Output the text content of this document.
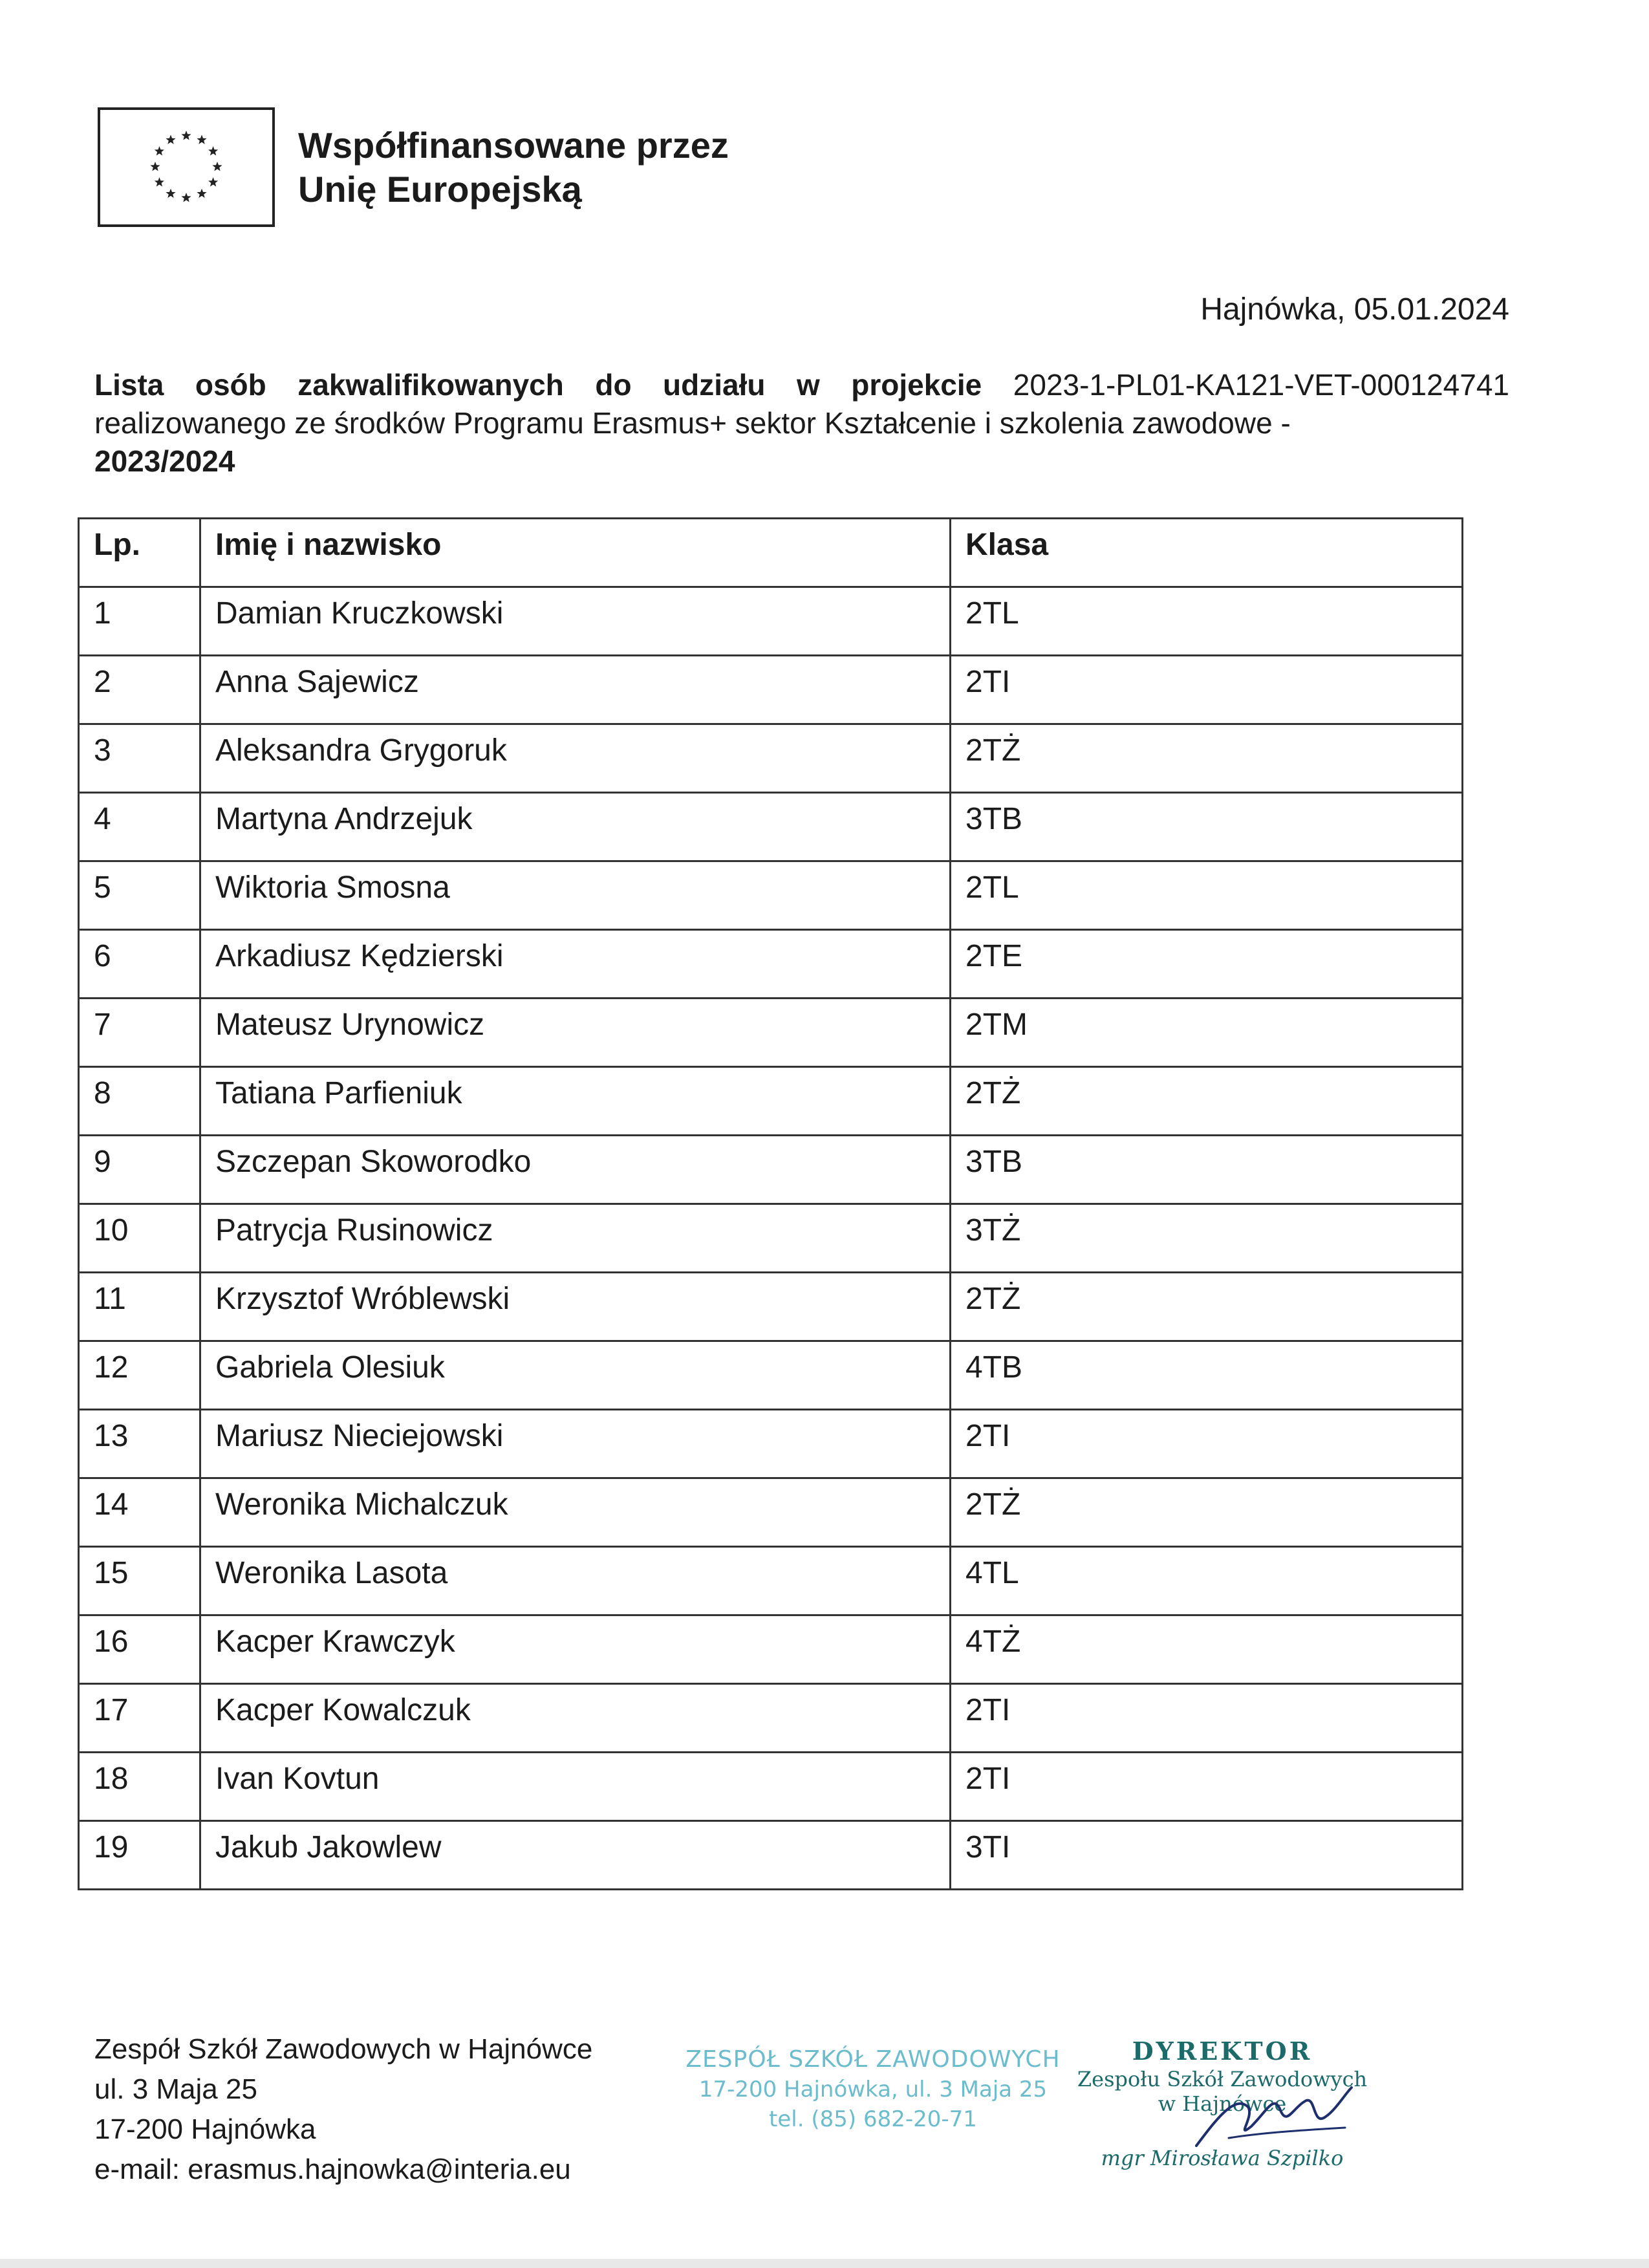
Współfinansowane przez
Unię Europejską
Hajnówka, 05.01.2024
Lista osób zakwalifikowanych do udziału w projekcie 2023-1-PL01-KA121-VET-000124741 realizowanego ze środków Programu Erasmus+ sektor Kształcenie i szkolenia zawodowe -
2023/2024
Lp.	Imię i nazwisko	Klasa
1	Damian Kruczkowski	2TL
2	Anna Sajewicz	2TI
3	Aleksandra Grygoruk	2TŻ
4	Martyna Andrzejuk	3TB
5	Wiktoria Smosna	2TL
6	Arkadiusz Kędzierski	2TE
7	Mateusz Urynowicz	2TM
8	Tatiana Parfieniuk	2TŻ
9	Szczepan Skoworodko	3TB
10	Patrycja Rusinowicz	3TŻ
11	Krzysztof Wróblewski	2TŻ
12	Gabriela Olesiuk	4TB
13	Mariusz Nieciejowski	2TI
14	Weronika Michalczuk	2TŻ
15	Weronika Lasota	4TL
16	Kacper Krawczyk	4TŻ
17	Kacper Kowalczuk	2TI
18	Ivan Kovtun	2TI
19	Jakub Jakowlew	3TI
Zespół Szkół Zawodowych w Hajnówce
ul. 3 Maja 25
17-200 Hajnówka
e-mail: erasmus.hajnowka@interia.eu
ZESPÓŁ SZKÓŁ ZAWODOWYCH
17-200 Hajnówka, ul. 3 Maja 25
tel. (85) 682-20-71
DYREKTOR
Zespołu Szkół Zawodowych
w Hajnówce
mgr Mirosława Szpilko
